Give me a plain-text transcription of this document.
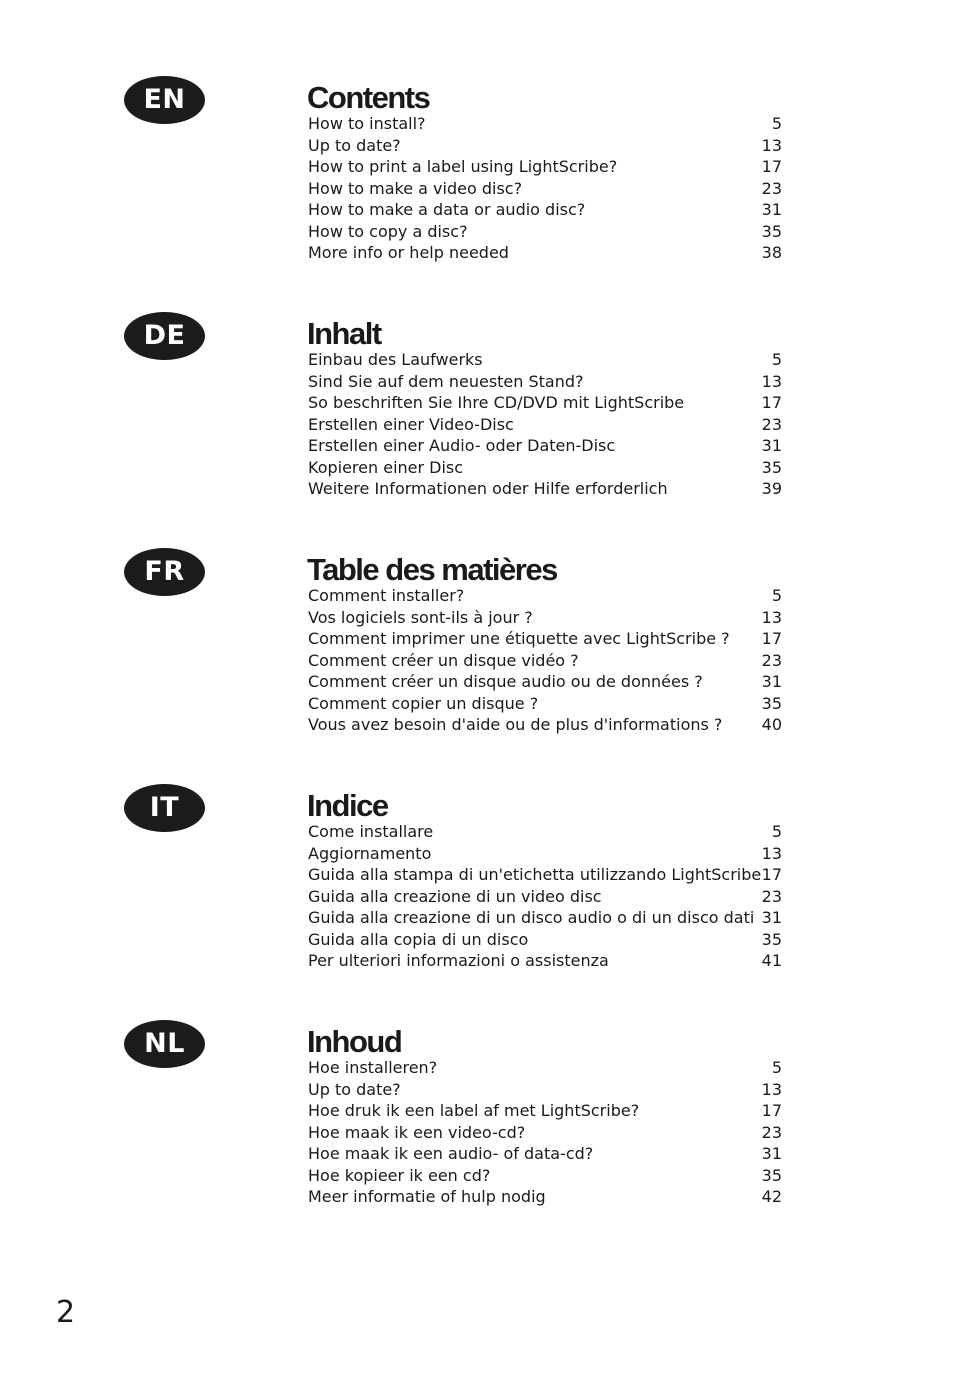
EN	Contents
How to install?	5
Up to date?	13
How to print a label using LightScribe?	17
How to make a video disc?	23
How to make a data or audio disc?	31
How to copy a disc?	35
More info or help needed	38
DE	Inhalt
Einbau des Laufwerks	5
Sind Sie auf dem neuesten Stand?	13
So beschriften Sie Ihre CD/DVD mit LightScribe	17
Erstellen einer Video-Disc	23
Erstellen einer Audio- oder Daten-Disc	31
Kopieren einer Disc	35
Weitere Informationen oder Hilfe erforderlich	39
FR	Table des matières
Comment installer?	5
Vos logiciels sont-ils à jour ?	13
Comment imprimer une étiquette avec LightScribe ? 17
Comment créer un disque vidéo ?	23
Comment créer un disque audio ou de données ?	31
Comment copier un disque ?	35
Vous avez besoin d'aide ou de plus d'informations ? 40
IT	Indice
Come installare	5
Aggiornamento	13
Guida alla stampa di un'etichetta utilizzando LightScribe 17
Guida alla creazione di un video disc	23
Guida alla creazione di un disco audio o di un disco dati 31
Guida alla copia di un disco	35
Per ulteriori informazioni o assistenza	41
NL	Inhoud
Hoe installeren?	5
Up to date?	13
Hoe druk ik een label af met LightScribe?	17
Hoe maak ik een video-cd?	23
Hoe maak ik een audio- of data-cd?	31
Hoe kopieer ik een cd?	35
Meer informatie of hulp nodig	42
2
